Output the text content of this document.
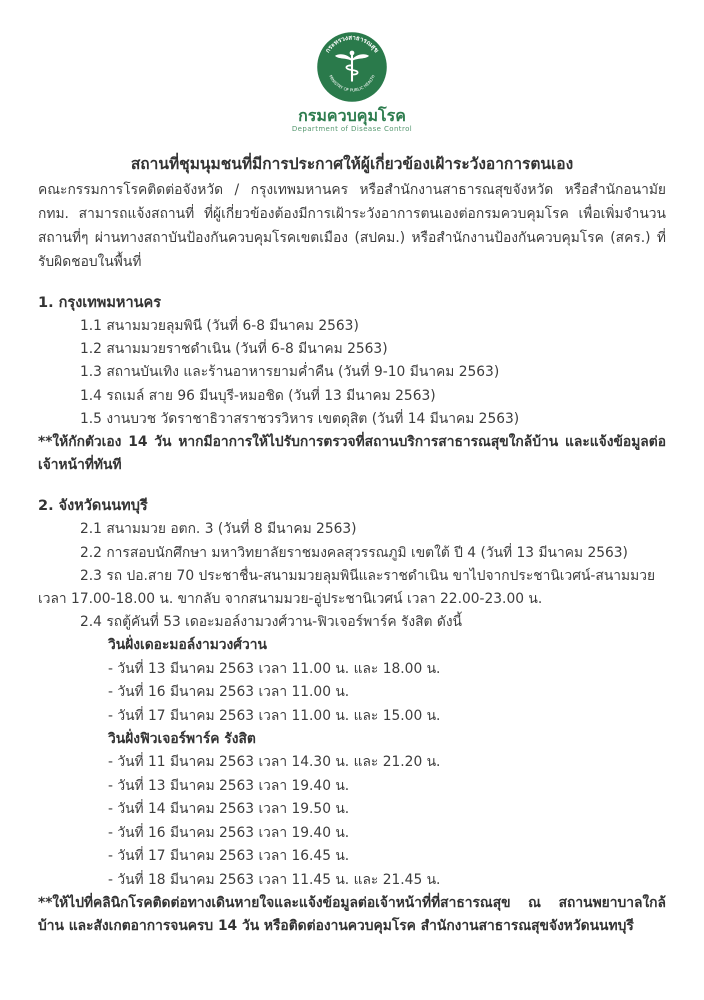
กระทรวงสาธารณสุข
MINISTRY OF PUBLIC HEALTH
กรมควบคุมโรค
Department of Disease Control
สถานที่ชุมนุมชนที่มีการประกาศให้ผู้เกี่ยวข้องเฝ้าระวังอาการตนเอง
คณะกรรมการโรคติดต่อจังหวัด / กรุงเทพมหานคร หรือสำนักงานสาธารณสุขจังหวัด หรือสำนักอนามัย กทม. สามารถแจ้งสถานที่ ที่ผู้เกี่ยวข้องต้องมีการเฝ้าระวังอาการตนเองต่อกรมควบคุมโรค เพื่อเพิ่มจำนวนสถานที่ๆ ผ่านทางสถาบันป้องกันควบคุมโรคเขตเมือง (สปคม.) หรือสำนักงานป้องกันควบคุมโรค (สคร.) ที่รับผิดชอบในพื้นที่
1. กรุงเทพมหานคร
1.1 สนามมวยลุมพินี (วันที่ 6-8 มีนาคม 2563)
1.2 สนามมวยราชดำเนิน (วันที่ 6-8 มีนาคม 2563)
1.3 สถานบันเทิง และร้านอาหารยามค่ำคืน (วันที่ 9-10 มีนาคม 2563)
1.4 รถเมล์ สาย 96 มีนบุรี-หมอชิด (วันที่ 13 มีนาคม 2563)
1.5 งานบวช วัดราชาธิวาสราชวรวิหาร เขตดุสิต (วันที่ 14 มีนาคม 2563)
**ให้กักตัวเอง 14 วัน หากมีอาการให้ไปรับการตรวจที่สถานบริการสาธารณสุขใกล้บ้าน และแจ้งข้อมูลต่อเจ้าหน้าที่ทันที
2. จังหวัดนนทบุรี
2.1 สนามมวย อตก. 3 (วันที่ 8 มีนาคม 2563)
2.2 การสอบนักศึกษา มหาวิทยาลัยราชมงคลสุวรรณภูมิ เขตใต้ ปี 4 (วันที่ 13 มีนาคม 2563)
2.3 รถ ปอ.สาย 70 ประชาชื่น-สนามมวยลุมพินีและราชดำเนิน ขาไปจากประชานิเวศน์-สนามมวย เวลา 17.00-18.00 น. ขากลับ จากสนามมวย-อู่ประชานิเวศน์ เวลา 22.00-23.00 น.
2.4 รถตู้คันที่ 53 เดอะมอล์งามวงศ์วาน-ฟิวเจอร์พาร์ค รังสิต ดังนี้
วินฝั่งเดอะมอล์งามวงศ์วาน
- วันที่ 13 มีนาคม 2563 เวลา 11.00 น. และ 18.00 น.
- วันที่ 16 มีนาคม 2563 เวลา 11.00 น.
- วันที่ 17 มีนาคม 2563 เวลา 11.00 น. และ 15.00 น.
วินฝั่งฟิวเจอร์พาร์ค รังสิต
- วันที่ 11 มีนาคม 2563 เวลา 14.30 น. และ 21.20 น.
- วันที่ 13 มีนาคม 2563 เวลา 19.40 น.
- วันที่ 14 มีนาคม 2563 เวลา 19.50 น.
- วันที่ 16 มีนาคม 2563 เวลา 19.40 น.
- วันที่ 17 มีนาคม 2563 เวลา 16.45 น.
- วันที่ 18 มีนาคม 2563 เวลา 11.45 น. และ 21.45 น.
**ให้ไปที่คลินิกโรคติดต่อทางเดินหายใจและแจ้งข้อมูลต่อเจ้าหน้าที่ที่สาธารณสุข ณ สถานพยาบาลใกล้บ้าน และสังเกตอาการจนครบ 14 วัน หรือติดต่องานควบคุมโรค สำนักงานสาธารณสุขจังหวัดนนทบุรี
